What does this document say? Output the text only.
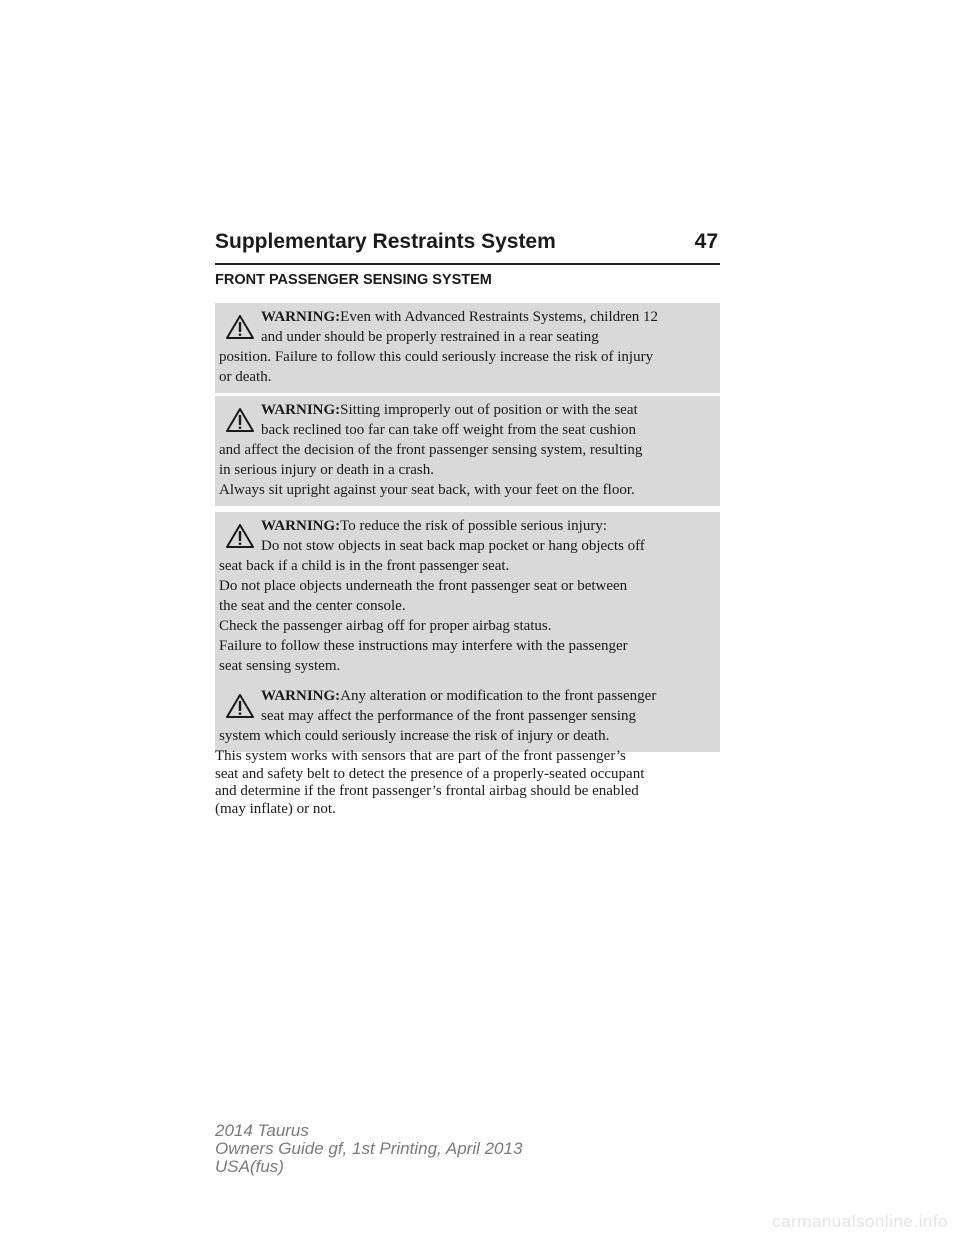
Supplementary Restraints System	47
FRONT PASSENGER SENSING SYSTEM

WARNING:Even with Advanced Restraints Systems, children 12

and under should be properly restrained in a rear seating

position. Failure to follow this could seriously increase the risk of injury

or death.

WARNING:Sitting improperly out of position or with the seat

back reclined too far can take off weight from the seat cushion

and affect the decision of the front passenger sensing system, resulting

in serious injury or death in a crash.

Always sit upright against your seat back, with your feet on the floor.

WARNING:To reduce the risk of possible serious injury:

Do not stow objects in seat back map pocket or hang objects off

seat back if a child is in the front passenger seat.

Do not place objects underneath the front passenger seat or between

the seat and the center console.

Check the passenger airbag off for proper airbag status.

Failure to follow these instructions may interfere with the passenger

seat sensing system.

WARNING:Any alteration or modification to the front passenger

seat may affect the performance of the front passenger sensing

system which could seriously increase the risk of injury or death.

This system works with sensors that are part of the front passenger’s
seat and safety belt to detect the presence of a properly-seated occupant
and determine if the front passenger’s frontal airbag should be enabled
(may inflate) or not.
2014 Taurus
Owners Guide gf, 1st Printing, April 2013
USA(fus)
carmanualsonline.info
